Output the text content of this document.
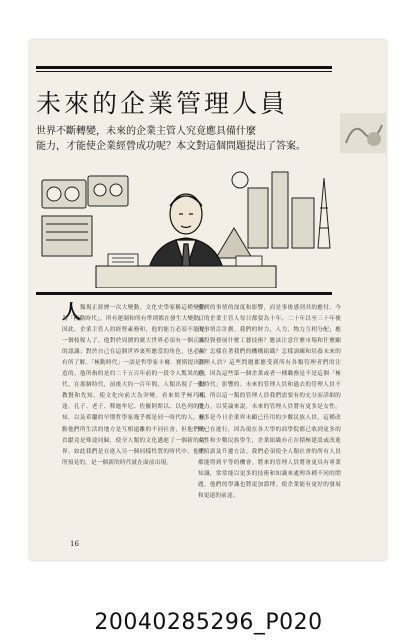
未來的企業管理人員

世界不斷轉變，未來的企業主管人究竟應具備什麼

能力，才能使企業經營成功呢？本文對這個問題提出了答案。

人

類現正經歷一次大變動。文化史學家稱這種變動為「極動時代」。所有運制和所有準則都在發生大變動。因此，企業主管人的經營素務和，他的能力必須不能是一個枝稼人了。他對於周圍的廣大世界必須有一個正確的認識；對於自己在這個世界裏所應當的角色，也必須有所了解。「極動時代」一語是哲學家卡爾．寶斯提出創造的。他所指的是約二千五百年前的一段令人驚異的時代。在那個時代，前後大約一百年間，人類出現了一批教賢和先知。使文化向前大為突變。看來似乎極巧相逢，孔子、老子、釋迦牟尼、佐羅阿斯以、以色列的先知，以及希臘的早期哲學家幾乎都是同一時代的人。極動他們所生活的地方是互相遠離的不同社會，但他們的貢獻竟是殊途同歸，使全人類的文化邁進了一個新的境界。如此我們是在進入另一個同樣性質的時代中。他們所預見的，是一個新的時代就在面前出現。

發到的事情的深度和影響，而是事後感到其的應付。今日的企業主管人每日都要為十年、二十年以至三十年後的事情訂計劃。我們的財力、人力、物力互相分配；應該投資發展什麼工藝技術？應該注意什麼市場和什麼顧客？怎樣在著我們的機構組織？怎樣訓練和培養未來的管理人員？這些問題都應受到所有各類管理者們的注意，因為這些第一個企業或者一種職務是不是這個「極動時代」影響的。未來的管理人員和過去的管理人員不同，所以這一類的管理人員我們需要有的充分而詳細的能力。以莫論來說，未來的管理人員將有更多是女性。更多是今日企業界未顧已任用的少數民族人員，這種改變已在進行，因為現在各大學的商學院都已收到更多的女性和少數民族學生，企業組織亦正在積極建設或改進其培訓及升遷方法。我們必須使全人類社會的所有人員都能得到平等的機會。將來的管理人員將會更具有專業知識，常常能以更多的技術和知識來處理各種不同的問題。他們的學識也將更加淵博，使企業能有更好的發展和更遠的前途。

16
20040285296_P020
